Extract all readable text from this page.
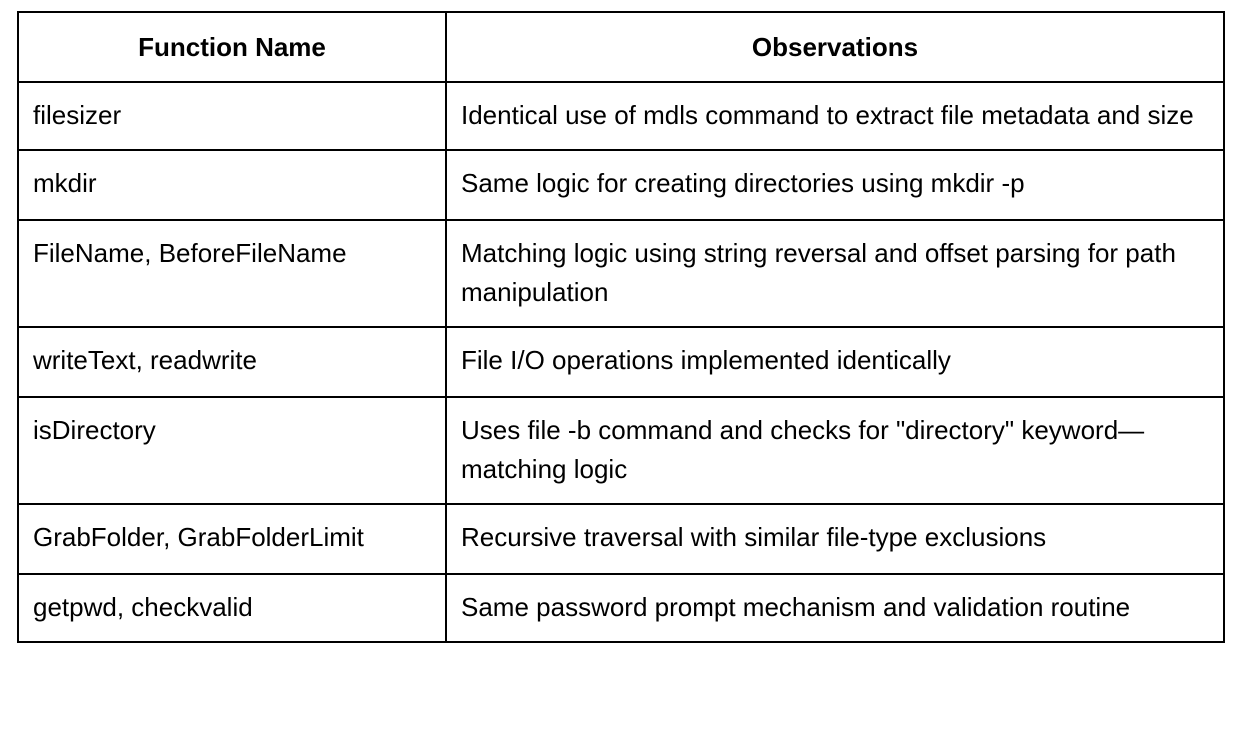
Function Name	Observations
filesizer	Identical use of mdls command to extract file metadata and size
mkdir	Same logic for creating directories using mkdir -p
FileName, BeforeFileName	Matching logic using string reversal and offset parsing for path manipulation
writeText, readwrite	File I/O operations implemented identically
isDirectory	Uses file -b command and checks for "directory" keyword—matching logic
GrabFolder, GrabFolderLimit	Recursive traversal with similar file-type exclusions
getpwd, checkvalid	Same password prompt mechanism and validation routine
